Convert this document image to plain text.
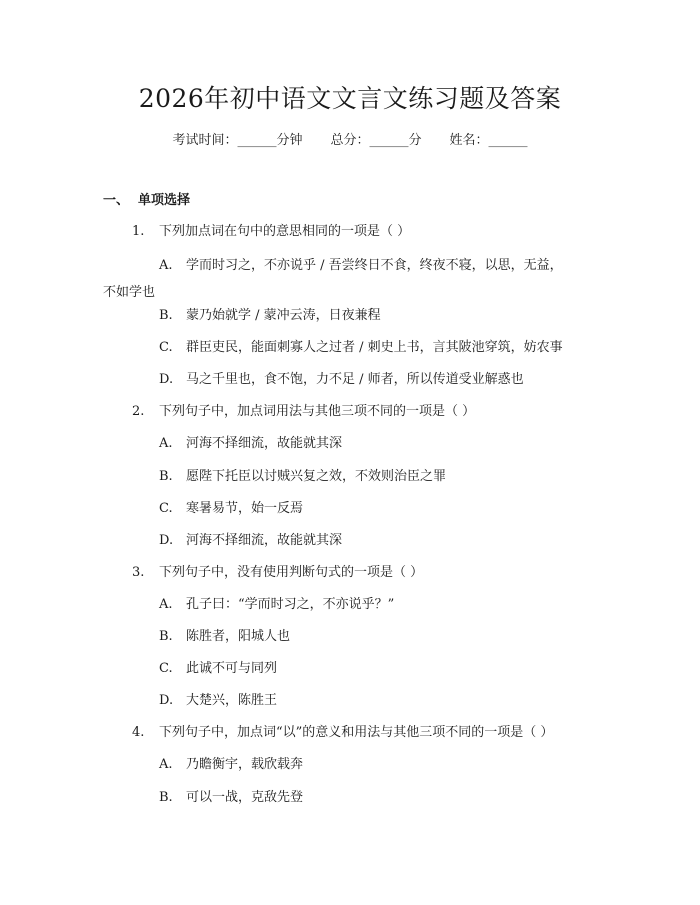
2026年初中语文文言文练习题及答案
考试时间：______分钟 总分：______分 姓名：______
一、 单项选择
1. 下列加点词在句中的意思相同的一项是（ ）
A. 学而时习之，不亦说乎 / 吾尝终日不食，终夜不寝，以思，无益，
不如学也
B. 蒙乃始就学 / 蒙冲云涛，日夜兼程
C. 群臣吏民，能面刺寡人之过者 / 刺史上书，言其陂池穿筑，妨农事
D. 马之千里也，食不饱，力不足 / 师者，所以传道受业解惑也
2. 下列句子中，加点词用法与其他三项不同的一项是（ ）
A. 河海不择细流，故能就其深
B. 愿陛下托臣以讨贼兴复之效，不效则治臣之罪
C. 寒暑易节，始一反焉
D. 河海不择细流，故能就其深
3. 下列句子中，没有使用判断句式的一项是（ ）
A. 孔子曰：“学而时习之，不亦说乎？”
B. 陈胜者，阳城人也
C. 此诚不可与同列
D. 大楚兴，陈胜王
4. 下列句子中，加点词“以”的意义和用法与其他三项不同的一项是（ ）
A. 乃瞻衡宇，载欣载奔
B. 可以一战，克敌先登
